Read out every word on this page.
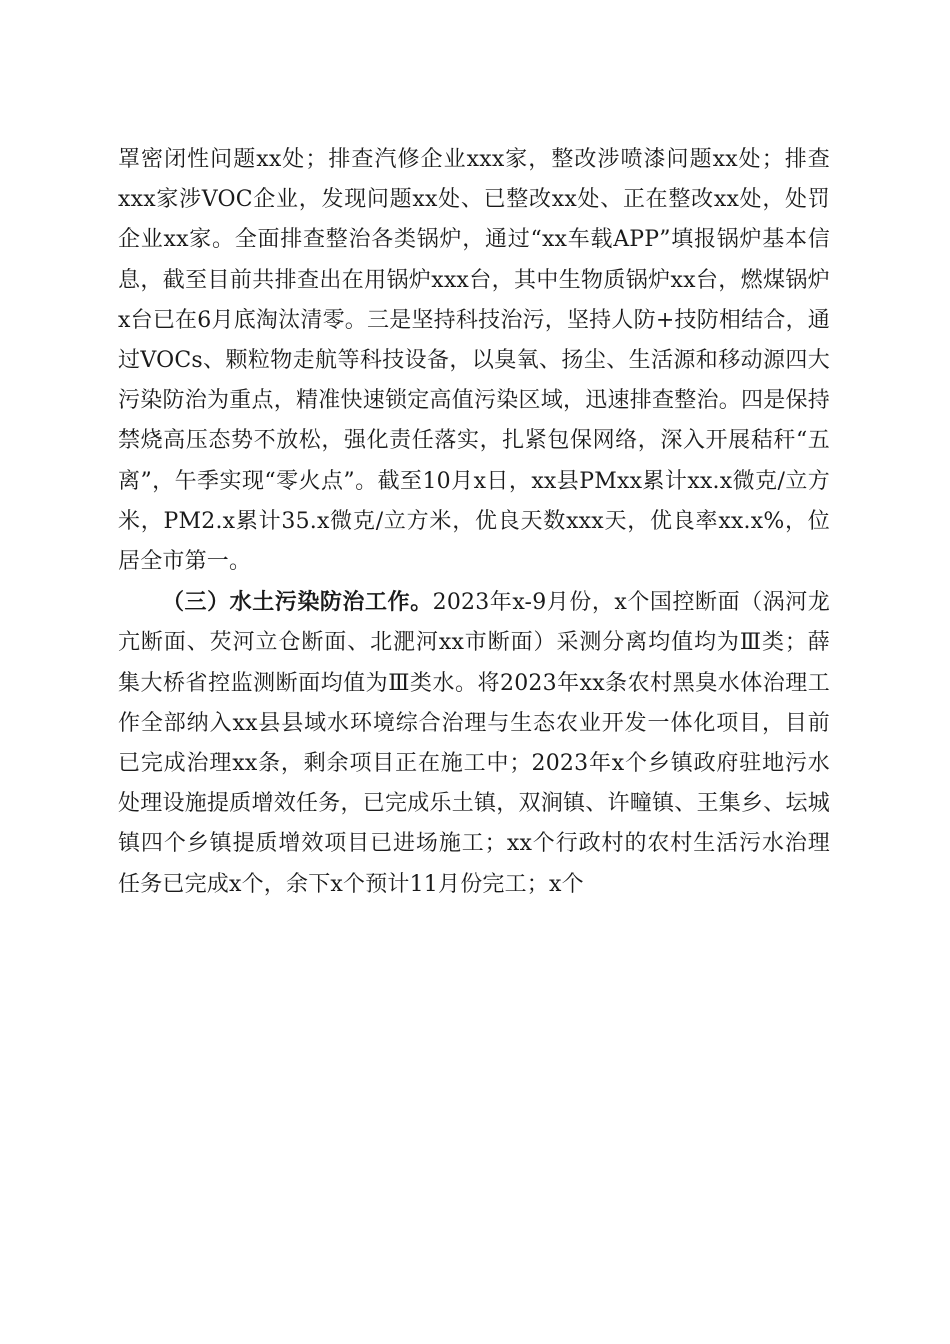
罩密闭性问题xx处；排查汽修企业xxx家，整改涉喷漆问题xx处；排查xxx家涉VOC企业，发现问题xx处、已整改xx处、正在整改xx处，处罚企业xx家。全面排查整治各类锅炉，通过“xx车载APP”填报锅炉基本信息，截至目前共排查出在用锅炉xxx台，其中生物质锅炉xx台，燃煤锅炉x台已在6月底淘汰清零。三是坚持科技治污，坚持人防+技防相结合，通过VOCs、颗粒物走航等科技设备，以臭氧、扬尘、生活源和移动源四大污染防治为重点，精准快速锁定高值污染区域，迅速排查整治。四是保持禁烧高压态势不放松，强化责任落实，扎紧包保网络，深入开展秸秆“五离”，午季实现“零火点”。截至10月x日，xx县PMxx累计xx.x微克/立方米，PM2.x累计35.x微克/立方米，优良天数xxx天，优良率xx.x%，位居全市第一。

（三）水土污染防治工作。2023年x-9月份，x个国控断面（涡河龙亢断面、芡河立仓断面、北淝河xx市断面）采测分离均值均为Ⅲ类；薛集大桥省控监测断面均值为Ⅲ类水。将2023年xx条农村黑臭水体治理工作全部纳入xx县县域水环境综合治理与生态农业开发一体化项目，目前已完成治理xx条，剩余项目正在施工中；2023年x个乡镇政府驻地污水处理设施提质增效任务，已完成乐土镇，双涧镇、许疃镇、王集乡、坛城镇四个乡镇提质增效项目已进场施工；xx个行政村的农村生活污水治理任务已完成x个，余下x个预计11月份完工；x个
